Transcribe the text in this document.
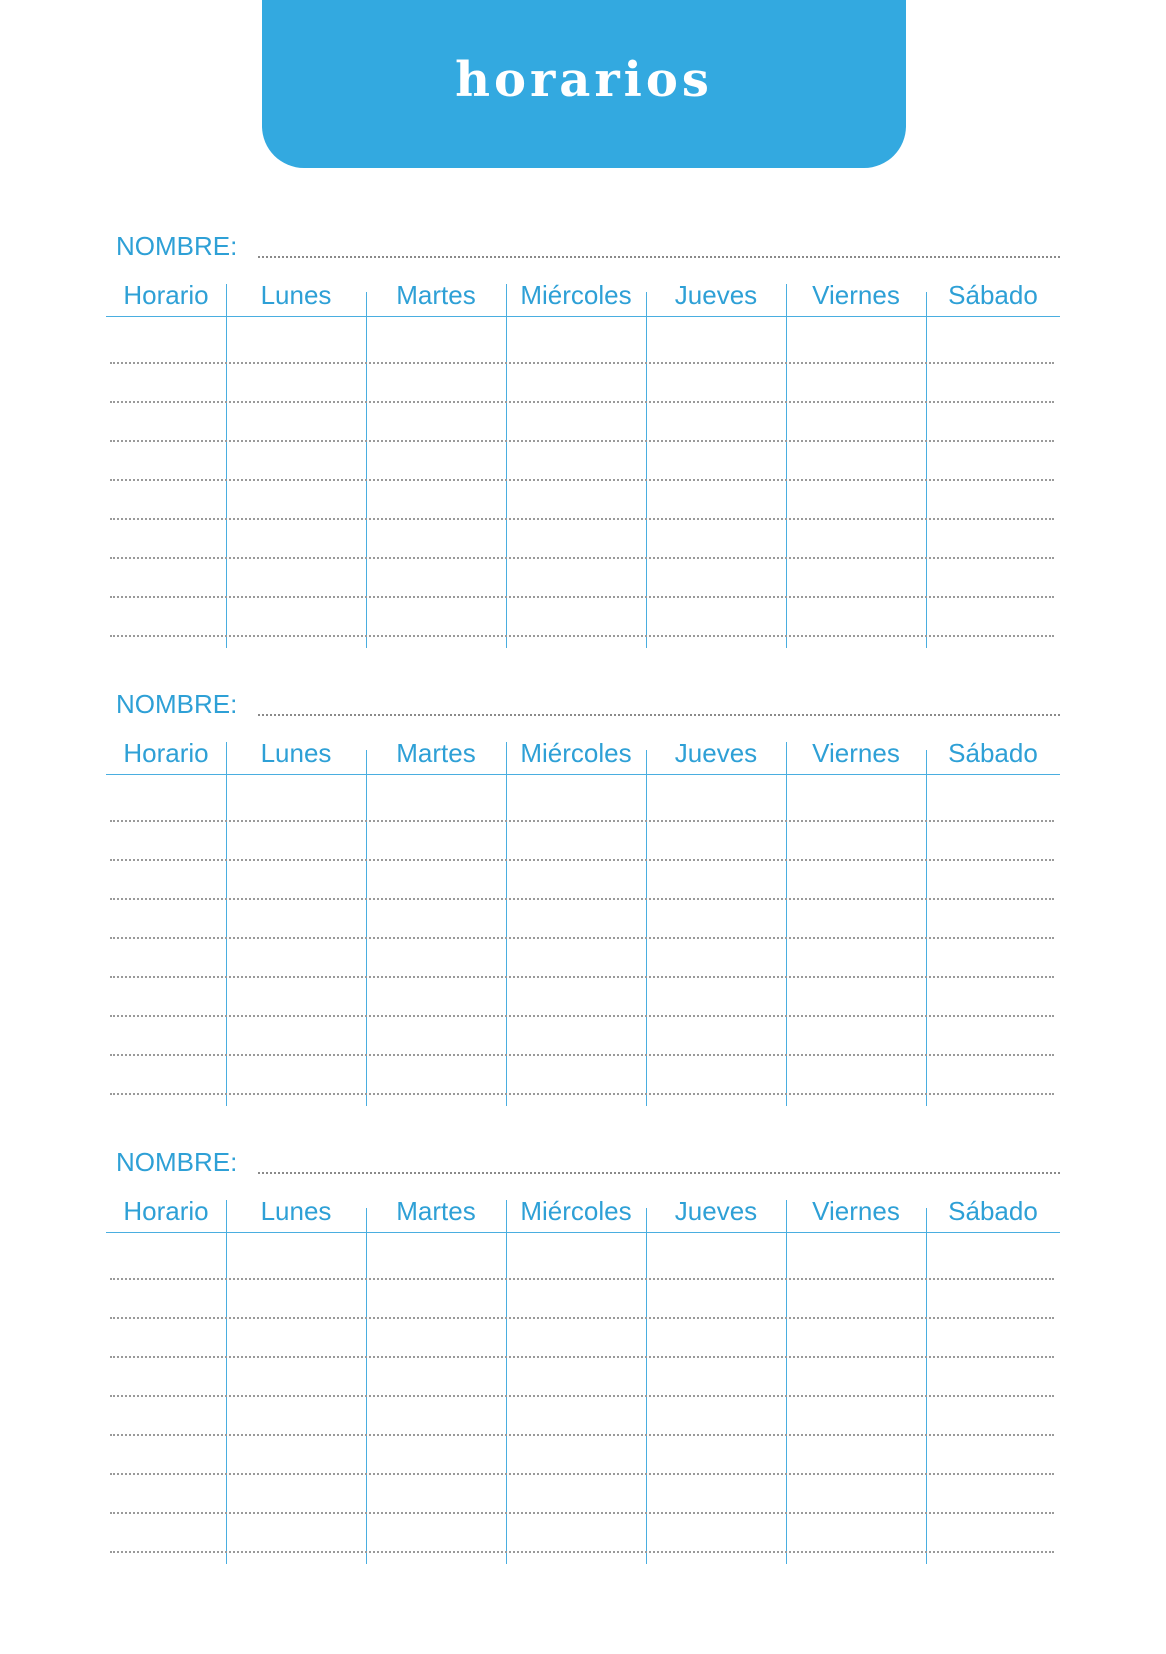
horarios
NOMBRE:
Horario	Lunes	Martes	Miércoles	Jueves	Viernes	Sábado
NOMBRE:
Horario	Lunes	Martes	Miércoles	Jueves	Viernes	Sábado
NOMBRE:
Horario	Lunes	Martes	Miércoles	Jueves	Viernes	Sábado
